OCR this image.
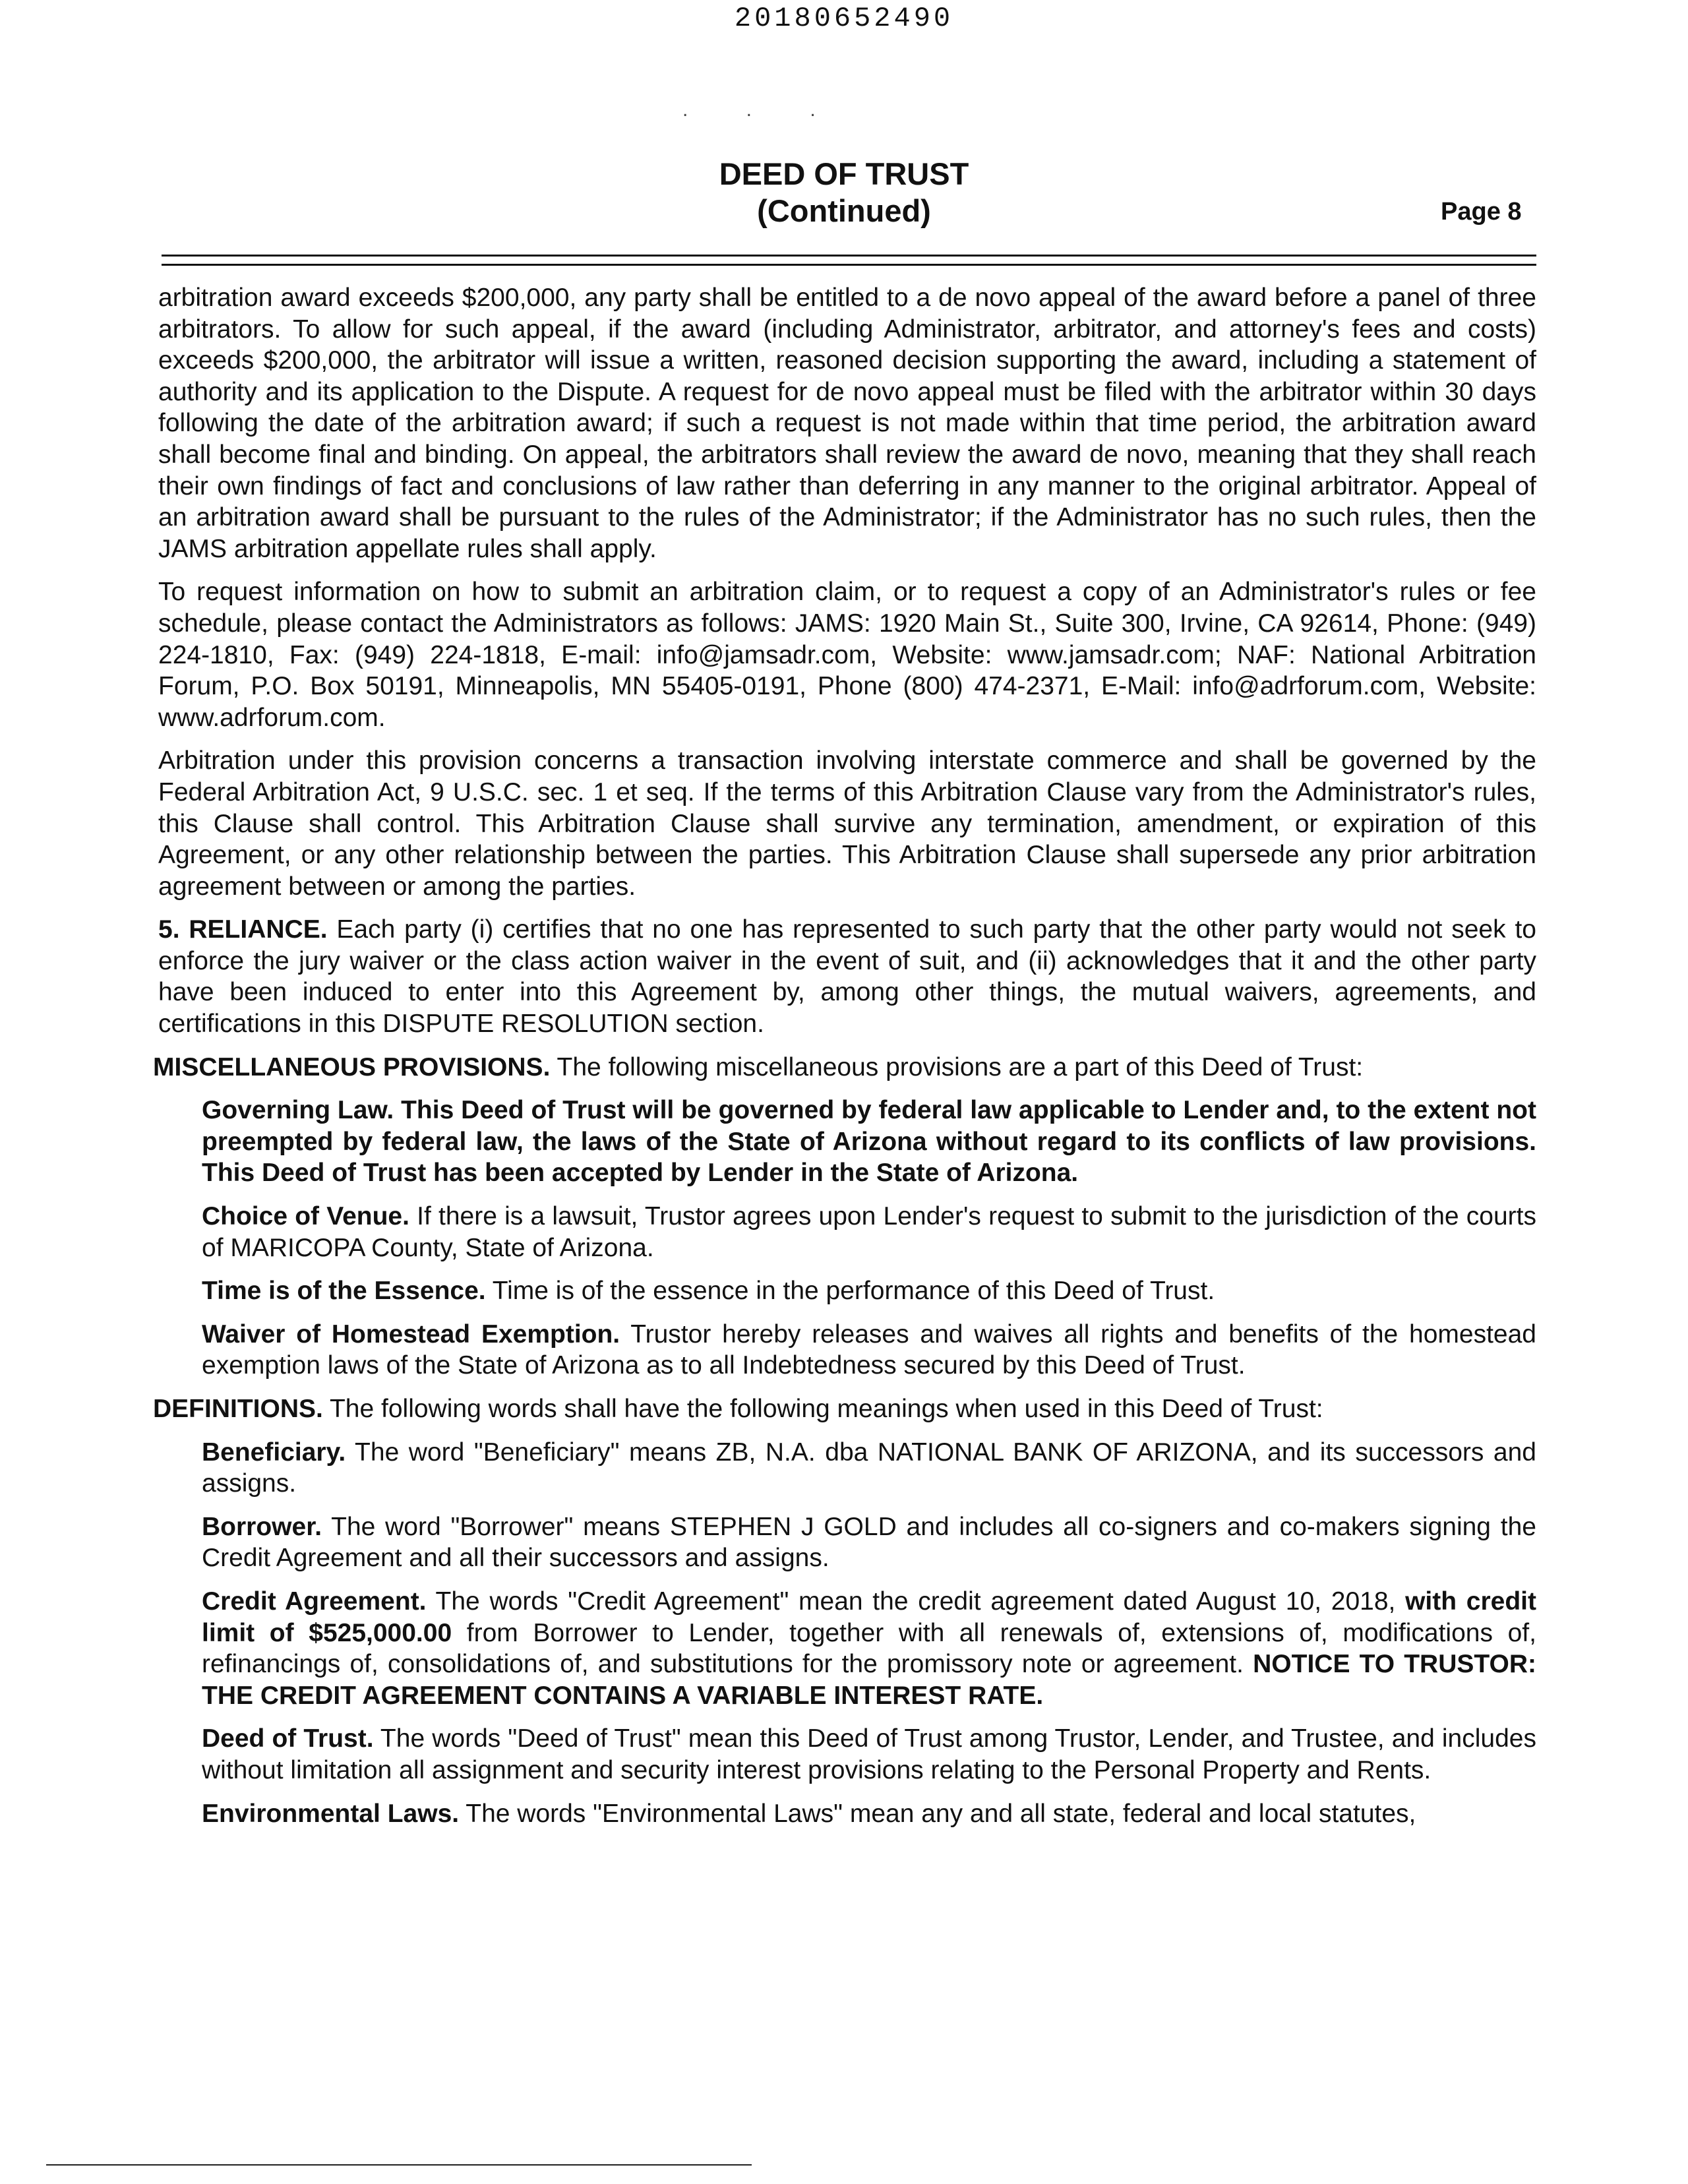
20180652490
. . .
DEED OF TRUST
(Continued)	Page 8

arbitration award exceeds $200,000, any party shall be entitled to a de novo appeal of the award before a panel of three arbitrators. To allow for such appeal, if the award (including Administrator, arbitrator, and attorney's fees and costs) exceeds $200,000, the arbitrator will issue a written, reasoned decision supporting the award, including a statement of authority and its application to the Dispute. A request for de novo appeal must be filed with the arbitrator within 30 days following the date of the arbitration award; if such a request is not made within that time period, the arbitration award shall become final and binding. On appeal, the arbitrators shall review the award de novo, meaning that they shall reach their own findings of fact and conclusions of law rather than deferring in any manner to the original arbitrator. Appeal of an arbitration award shall be pursuant to the rules of the Administrator; if the Administrator has no such rules, then the JAMS arbitration appellate rules shall apply.

To request information on how to submit an arbitration claim, or to request a copy of an Administrator's rules or fee schedule, please contact the Administrators as follows: JAMS: 1920 Main St., Suite 300, Irvine, CA 92614, Phone: (949) 224-1810, Fax: (949) 224-1818, E-mail: info@jamsadr.com, Website: www.jamsadr.com; NAF: National Arbitration Forum, P.O. Box 50191, Minneapolis, MN 55405-0191, Phone (800) 474-2371, E-Mail: info@adrforum.com, Website: www.adrforum.com.

Arbitration under this provision concerns a transaction involving interstate commerce and shall be governed by the Federal Arbitration Act, 9 U.S.C. sec. 1 et seq. If the terms of this Arbitration Clause vary from the Administrator's rules, this Clause shall control. This Arbitration Clause shall survive any termination, amendment, or expiration of this Agreement, or any other relationship between the parties. This Arbitration Clause shall supersede any prior arbitration agreement between or among the parties.

5. RELIANCE. Each party (i) certifies that no one has represented to such party that the other party would not seek to enforce the jury waiver or the class action waiver in the event of suit, and (ii) acknowledges that it and the other party have been induced to enter into this Agreement by, among other things, the mutual waivers, agreements, and certifications in this DISPUTE RESOLUTION section.

MISCELLANEOUS PROVISIONS. The following miscellaneous provisions are a part of this Deed of Trust:

Governing Law. This Deed of Trust will be governed by federal law applicable to Lender and, to the extent not preempted by federal law, the laws of the State of Arizona without regard to its conflicts of law provisions. This Deed of Trust has been accepted by Lender in the State of Arizona.

Choice of Venue. If there is a lawsuit, Trustor agrees upon Lender's request to submit to the jurisdiction of the courts of MARICOPA County, State of Arizona.

Time is of the Essence. Time is of the essence in the performance of this Deed of Trust.

Waiver of Homestead Exemption. Trustor hereby releases and waives all rights and benefits of the homestead exemption laws of the State of Arizona as to all Indebtedness secured by this Deed of Trust.

DEFINITIONS. The following words shall have the following meanings when used in this Deed of Trust:

Beneficiary. The word "Beneficiary" means ZB, N.A. dba NATIONAL BANK OF ARIZONA, and its successors and assigns.

Borrower. The word "Borrower" means STEPHEN J GOLD and includes all co-signers and co-makers signing the Credit Agreement and all their successors and assigns.

Credit Agreement. The words "Credit Agreement" mean the credit agreement dated August 10, 2018, with credit limit of $525,000.00 from Borrower to Lender, together with all renewals of, extensions of, modifications of, refinancings of, consolidations of, and substitutions for the promissory note or agreement. NOTICE TO TRUSTOR: THE CREDIT AGREEMENT CONTAINS A VARIABLE INTEREST RATE.

Deed of Trust. The words "Deed of Trust" mean this Deed of Trust among Trustor, Lender, and Trustee, and includes without limitation all assignment and security interest provisions relating to the Personal Property and Rents.

Environmental Laws. The words "Environmental Laws" mean any and all state, federal and local statutes,
